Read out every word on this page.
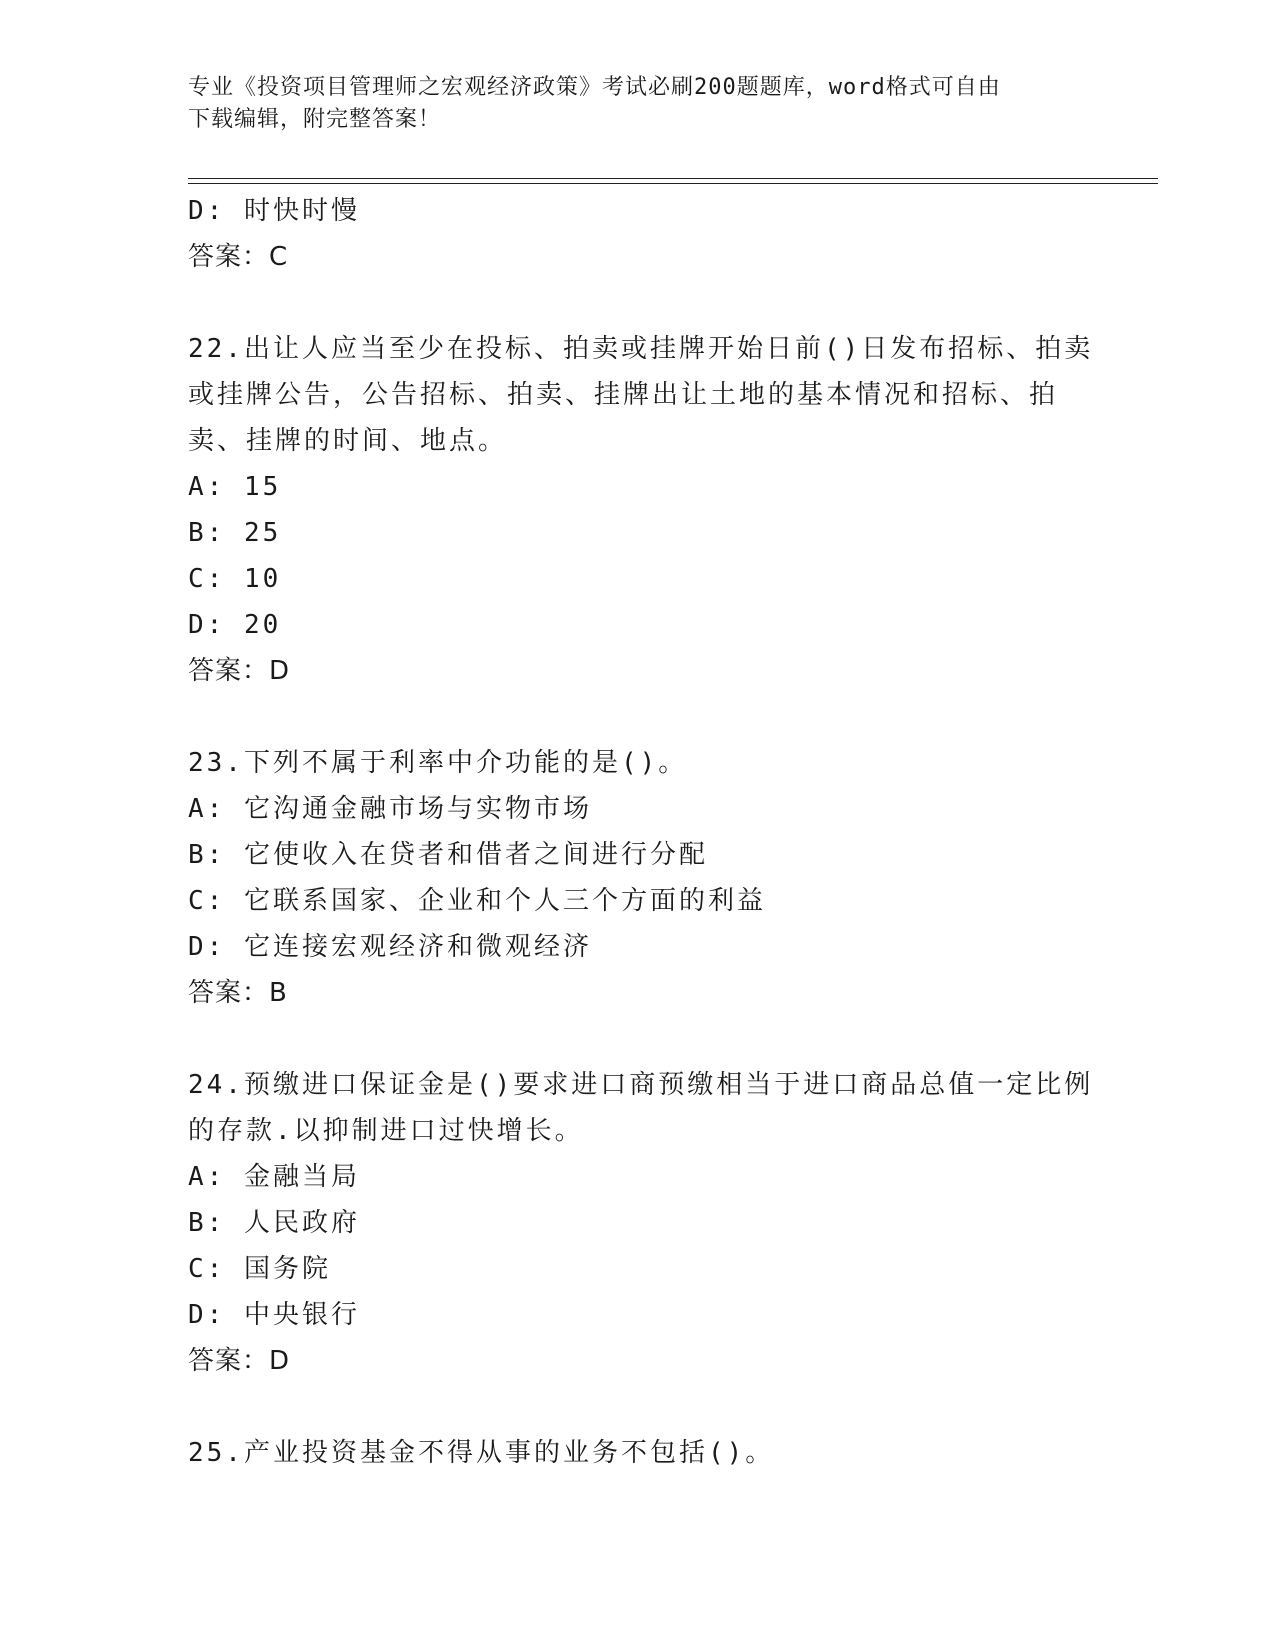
专业《投资项目管理师之宏观经济政策》考试必刷200题题库，word格式可自由
下载编辑，附完整答案！
D: 时快时慢
答案：C
22.出让人应当至少在投标、拍卖或挂牌开始日前()日发布招标、拍卖
或挂牌公告，公告招标、拍卖、挂牌出让土地的基本情况和招标、拍
卖、挂牌的时间、地点。
A: 15
B: 25
C: 10
D: 20
答案：D
23.下列不属于利率中介功能的是()。
A: 它沟通金融市场与实物市场
B: 它使收入在贷者和借者之间进行分配
C: 它联系国家、企业和个人三个方面的利益
D: 它连接宏观经济和微观经济
答案：B
24.预缴进口保证金是()要求进口商预缴相当于进口商品总值一定比例
的存款.以抑制进口过快增长。
A: 金融当局
B: 人民政府
C: 国务院
D: 中央银行
答案：D
25.产业投资基金不得从事的业务不包括()。
